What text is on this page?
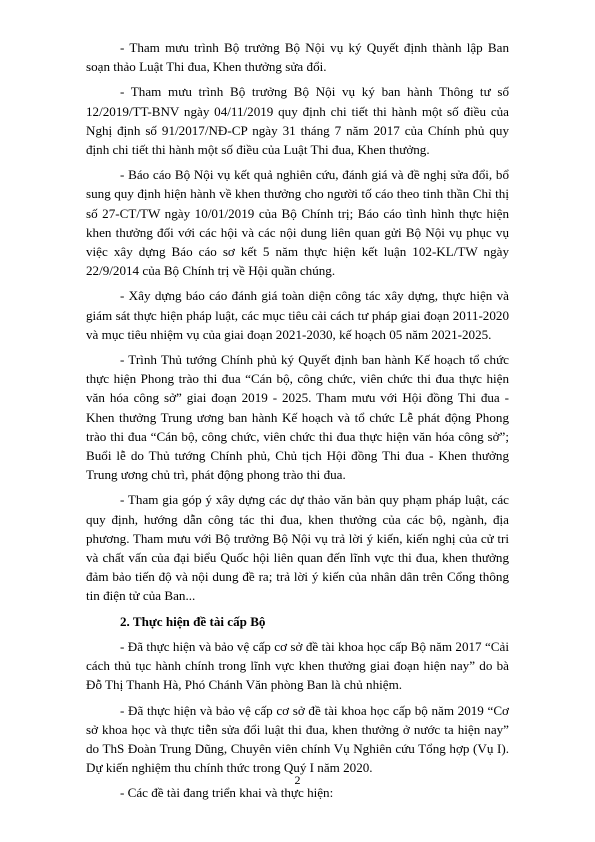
- Tham mưu trình Bộ trưởng Bộ Nội vụ ký Quyết định thành lập Ban soạn thảo Luật Thi đua, Khen thưởng sửa đổi.

- Tham mưu trình Bộ trưởng Bộ Nội vụ ký ban hành Thông tư số 12/2019/TT-BNV ngày 04/11/2019 quy định chi tiết thi hành một số điều của Nghị định số 91/2017/NĐ-CP ngày 31 tháng 7 năm 2017 của Chính phủ quy định chi tiết thi hành một số điều của Luật Thi đua, Khen thưởng.

- Báo cáo Bộ Nội vụ kết quả nghiên cứu, đánh giá và đề nghị sửa đổi, bổ sung quy định hiện hành về khen thưởng cho người tố cáo theo tinh thần Chỉ thị số 27-CT/TW ngày 10/01/2019 của Bộ Chính trị; Báo cáo tình hình thực hiện khen thưởng đối với các hội và các nội dung liên quan gửi Bộ Nội vụ phục vụ việc xây dựng Báo cáo sơ kết 5 năm thực hiện kết luận 102-KL/TW ngày 22/9/2014 của Bộ Chính trị về Hội quần chúng.

- Xây dựng báo cáo đánh giá toàn diện công tác xây dựng, thực hiện và giám sát thực hiện pháp luật, các mục tiêu cải cách tư pháp giai đoạn 2011-2020 và mục tiêu nhiệm vụ của giai đoạn 2021-2030, kế hoạch 05 năm 2021-2025.

- Trình Thủ tướng Chính phủ ký Quyết định ban hành Kế hoạch tổ chức thực hiện Phong trào thi đua “Cán bộ, công chức, viên chức thi đua thực hiện văn hóa công sở” giai đoạn 2019 - 2025. Tham mưu với Hội đồng Thi đua - Khen thưởng Trung ương ban hành Kế hoạch và tổ chức Lễ phát động Phong trào thi đua “Cán bộ, công chức, viên chức thi đua thực hiện văn hóa công sở”; Buổi lễ do Thủ tướng Chính phủ, Chủ tịch Hội đồng Thi đua - Khen thưởng Trung ương chủ trì, phát động phong trào thi đua.

- Tham gia góp ý xây dựng các dự thảo văn bản quy phạm pháp luật, các quy định, hướng dẫn công tác thi đua, khen thưởng của các bộ, ngành, địa phương. Tham mưu với Bộ trưởng Bộ Nội vụ trả lời ý kiến, kiến nghị của cử tri và chất vấn của đại biểu Quốc hội liên quan đến lĩnh vực thi đua, khen thưởng đảm bảo tiến độ và nội dung đề ra; trả lời ý kiến của nhân dân trên Cổng thông tin điện tử của Ban...

2. Thực hiện đề tài cấp Bộ

- Đã thực hiện và bảo vệ cấp cơ sở đề tài khoa học cấp Bộ năm 2017 “Cải cách thủ tục hành chính trong lĩnh vực khen thưởng giai đoạn hiện nay” do bà Đỗ Thị Thanh Hà, Phó Chánh Văn phòng Ban là chủ nhiệm.

- Đã thực hiện và bảo vệ cấp cơ sở đề tài khoa học cấp bộ năm 2019 “Cơ sở khoa học và thực tiễn sửa đổi luật thi đua, khen thưởng ở nước ta hiện nay” do ThS Đoàn Trung Dũng, Chuyên viên chính Vụ Nghiên cứu Tổng hợp (Vụ I). Dự kiến nghiệm thu chính thức trong Quý I năm 2020.

- Các đề tài đang triển khai và thực hiện:

2
